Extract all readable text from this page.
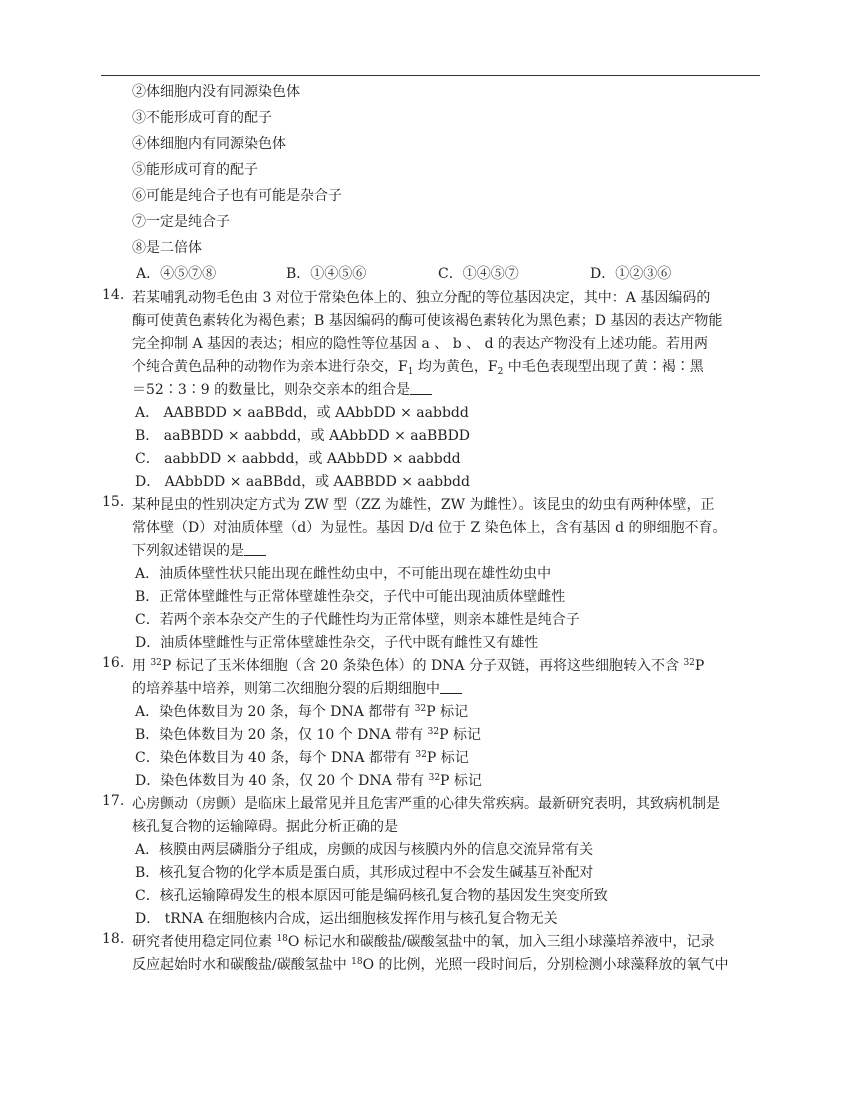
②体细胞内没有同源染色体
③不能形成可育的配子
④体细胞内有同源染色体
⑤能形成可育的配子
⑥可能是纯合子也有可能是杂合子
⑦一定是纯合子
⑧是二倍体
A．④⑤⑦⑧	B．①④⑤⑥	C．①④⑤⑦	D．①②③⑥
14. 若某哺乳动物毛色由 3 对位于常染色体上的、独立分配的等位基因决定，其中：A 基因编码的
酶可使黄色素转化为褐色素；B 基因编码的酶可使该褐色素转化为黑色素；D 基因的表达产物能
完全抑制 A 基因的表达；相应的隐性等位基因 a 、 b 、 d 的表达产物没有上述功能。若用两
个纯合黄色品种的动物作为亲本进行杂交，$F_1$ 均为黄色，$F_2$ 中毛色表现型出现了黄∶褐∶黑
＝52∶3∶9 的数量比，则杂交亲本的组合是
A． AABBDD × aaBBdd，或 AAbbDD × aabbdd
B． aaBBDD × aabbdd，或 AAbbDD × aaBBDD
C． aabbDD × aabbdd，或 AAbbDD × aabbdd
D． AAbbDD × aaBBdd，或 AABBDD × aabbdd
15. 某种昆虫的性别决定方式为 ZW 型（ZZ 为雄性，ZW 为雌性）。该昆虫的幼虫有两种体壁，正
常体壁（D）对油质体壁（d）为显性。基因 D/d 位于 Z 染色体上，含有基因 d 的卵细胞不育。
下列叙述错误的是
A．油质体壁性状只能出现在雌性幼虫中，不可能出现在雄性幼虫中
B．正常体壁雌性与正常体壁雄性杂交，子代中可能出现油质体壁雌性
C．若两个亲本杂交产生的子代雌性均为正常体壁，则亲本雄性是纯合子
D．油质体壁雌性与正常体壁雄性杂交，子代中既有雌性又有雄性
16. 用 $^{32}$P 标记了玉米体细胞（含 20 条染色体）的 DNA 分子双链，再将这些细胞转入不含 $^{32}$P
的培养基中培养，则第二次细胞分裂的后期细胞中
A．染色体数目为 20 条，每个 DNA 都带有 $^{32}$P 标记
B．染色体数目为 20 条，仅 10 个 DNA 带有 $^{32}$P 标记
C．染色体数目为 40 条，每个 DNA 都带有 $^{32}$P 标记
D．染色体数目为 40 条，仅 20 个 DNA 带有 $^{32}$P 标记
17. 心房颤动（房颤）是临床上最常见并且危害严重的心律失常疾病。最新研究表明，其致病机制是
核孔复合物的运输障碍。据此分析正确的是
A．核膜由两层磷脂分子组成，房颤的成因与核膜内外的信息交流异常有关
B．核孔复合物的化学本质是蛋白质，其形成过程中不会发生碱基互补配对
C．核孔运输障碍发生的根本原因可能是编码核孔复合物的基因发生突变所致
D． tRNA 在细胞核内合成，运出细胞核发挥作用与核孔复合物无关
18. 研究者使用稳定同位素 $^{18}$O 标记水和碳酸盐/碳酸氢盐中的氧，加入三组小球藻培养液中，记录
反应起始时水和碳酸盐/碳酸氢盐中 $^{18}$O 的比例，光照一段时间后，分别检测小球藻释放的氧气中
